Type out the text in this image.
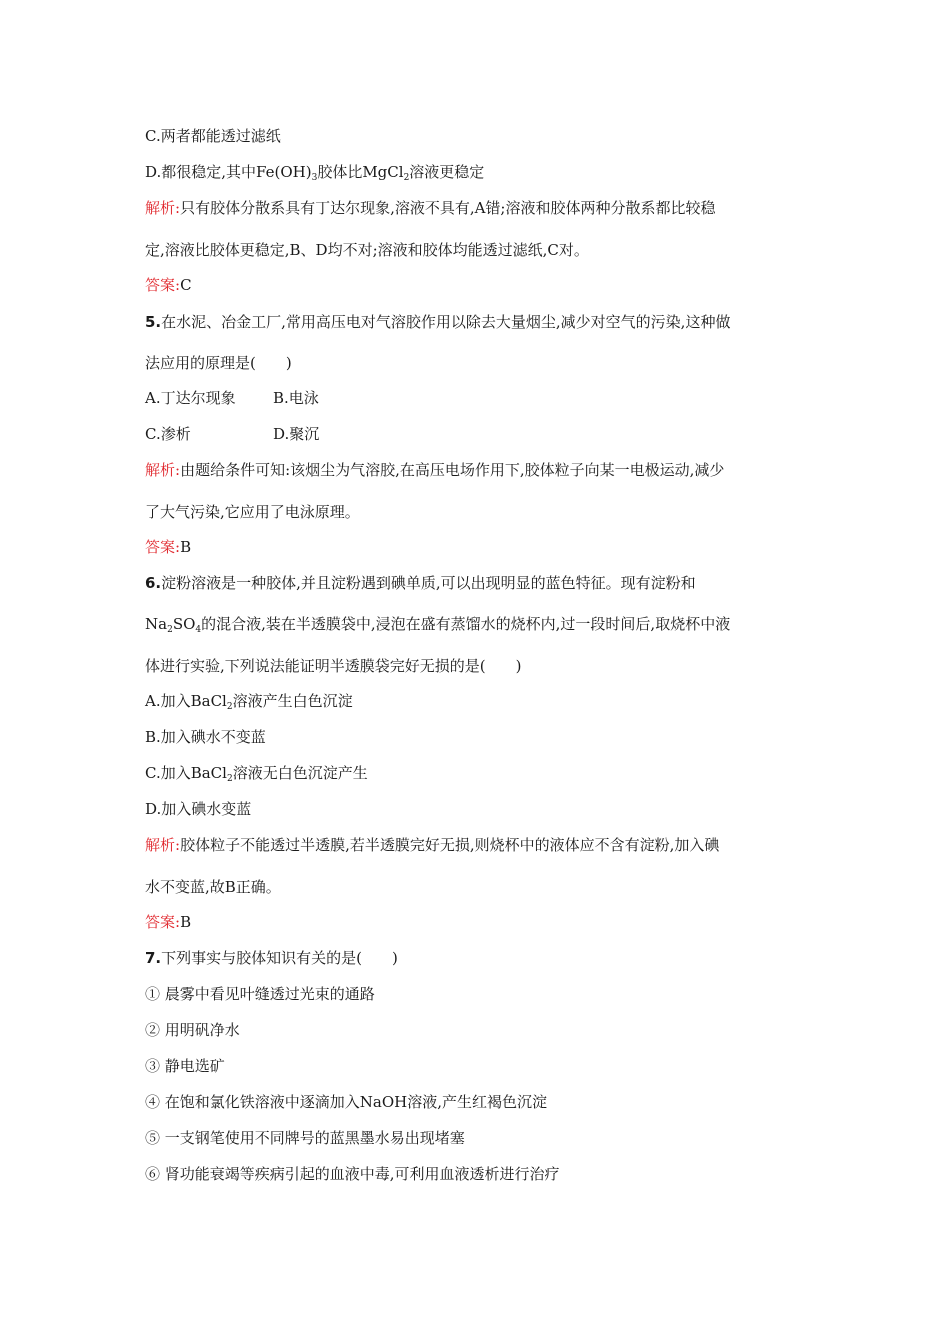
C.两者都能透过滤纸
D.都很稳定,其中$Fe(OH)_3$胶体比MgCl$_2$溶液更稳定
解析:只有胶体分散系具有丁达尔现象,溶液不具有,A错;溶液和胶体两种分散系都比较稳
定,溶液比胶体更稳定,B、D均不对;溶液和胶体均能透过滤纸,C对。
答案:C
5.在水泥、冶金工厂,常用高压电对气溶胶作用以除去大量烟尘,减少对空气的污染,这种做
法应用的原理是(　　)
A.丁达尔现象 B.电泳
C.渗析	D.聚沉
解析:由题给条件可知:该烟尘为气溶胶,在高压电场作用下,胶体粒子向某一电极运动,减少
了大气污染,它应用了电泳原理。
答案:B
6.淀粉溶液是一种胶体,并且淀粉遇到碘单质,可以出现明显的蓝色特征。现有淀粉和
$Na_2SO_4$的混合液,装在半透膜袋中,浸泡在盛有蒸馏水的烧杯内,过一段时间后,取烧杯中液
体进行实验,下列说法能证明半透膜袋完好无损的是(　　)
A.加入BaCl$_2$溶液产生白色沉淀
B.加入碘水不变蓝
C.加入BaCl$_2$溶液无白色沉淀产生
D.加入碘水变蓝
解析:胶体粒子不能透过半透膜,若半透膜完好无损,则烧杯中的液体应不含有淀粉,加入碘
水不变蓝,故B正确。
答案:B
7.下列事实与胶体知识有关的是(　　)
① 晨雾中看见叶缝透过光束的通路
② 用明矾净水
③ 静电选矿
④ 在饱和氯化铁溶液中逐滴加入NaOH溶液,产生红褐色沉淀
⑤ 一支钢笔使用不同牌号的蓝黑墨水易出现堵塞
⑥ 肾功能衰竭等疾病引起的血液中毒,可利用血液透析进行治疗
